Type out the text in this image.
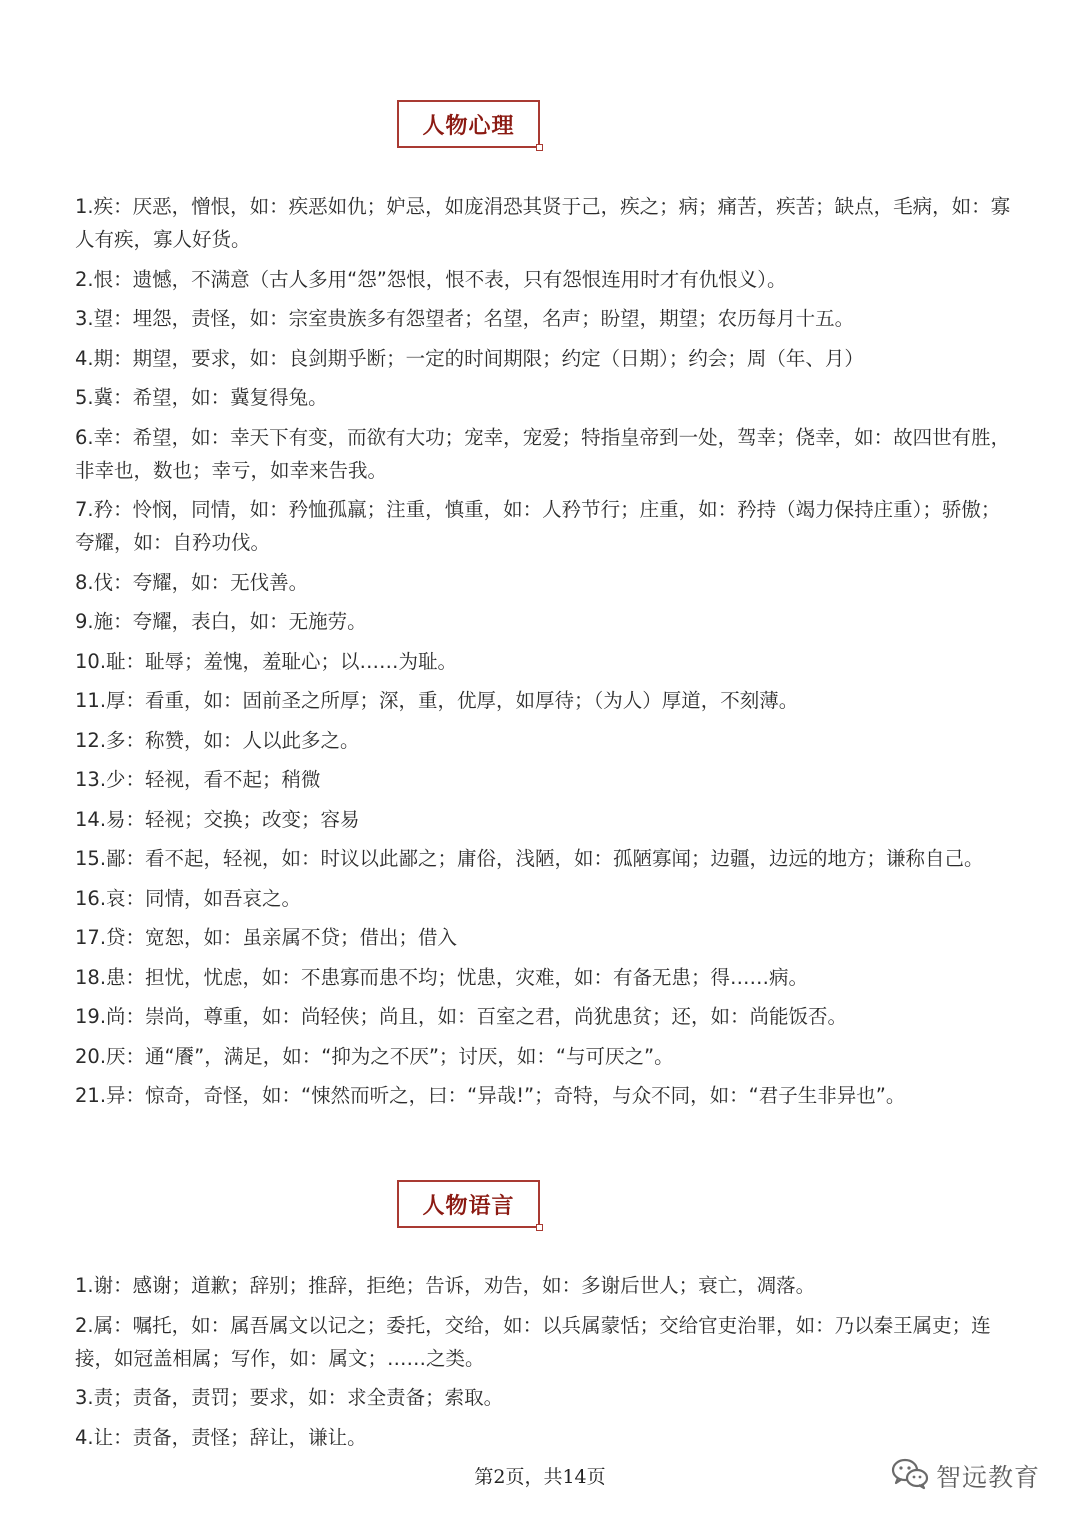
人物心理
1.疾：厌恶，憎恨，如：疾恶如仇；妒忌，如庞涓恐其贤于己，疾之；病；痛苦，疾苦；缺点，毛病，如：寡人有疾，寡人好货。
2.恨：遗憾，不满意（古人多用“怨”怨恨，恨不表，只有怨恨连用时才有仇恨义）。
3.望：埋怨，责怪，如：宗室贵族多有怨望者；名望，名声；盼望，期望；农历每月十五。
4.期：期望，要求，如：良剑期乎断；一定的时间期限；约定（日期）；约会；周（年、月）
5.冀：希望，如：冀复得兔。
6.幸：希望，如：幸天下有变，而欲有大功；宠幸，宠爱；特指皇帝到一处，驾幸；侥幸，如：故四世有胜，非幸也，数也；幸亏，如幸来告我。
7.矜：怜悯，同情，如：矜恤孤羸；注重，慎重，如：人矜节行；庄重，如：矜持（竭力保持庄重）；骄傲；夸耀，如：自矜功伐。
8.伐：夸耀，如：无伐善。
9.施：夸耀，表白，如：无施劳。
10.耻：耻辱；羞愧，羞耻心；以……为耻。
11.厚：看重，如：固前圣之所厚；深，重，优厚，如厚待；（为人）厚道，不刻薄。
12.多：称赞，如：人以此多之。
13.少：轻视，看不起；稍微
14.易：轻视；交换；改变；容易
15.鄙：看不起，轻视，如：时议以此鄙之；庸俗，浅陋，如：孤陋寡闻；边疆，边远的地方；谦称自己。
16.哀：同情，如吾哀之。
17.贷：宽恕，如：虽亲属不贷；借出；借入
18.患：担忧，忧虑，如：不患寡而患不均；忧患，灾难，如：有备无患；得……病。
19.尚：崇尚，尊重，如：尚轻侠；尚且，如：百室之君，尚犹患贫；还，如：尚能饭否。
20.厌：通“餍”，满足，如：“抑为之不厌”；讨厌，如：“与可厌之”。
21.异：惊奇，奇怪，如：“悚然而听之，曰：“异哉!”；奇特，与众不同，如：“君子生非异也”。
人物语言
1.谢：感谢；道歉；辞别；推辞，拒绝；告诉，劝告，如：多谢后世人；衰亡，凋落。
2.属：嘱托，如：属吾属文以记之；委托，交给，如：以兵属蒙恬；交给官吏治罪，如：乃以秦王属吏；连接，如冠盖相属；写作，如：属文；……之类。
3.责；责备，责罚；要求，如：求全责备；索取。
4.让：责备，责怪；辞让，谦让。
第2页，共14页	智远教育
